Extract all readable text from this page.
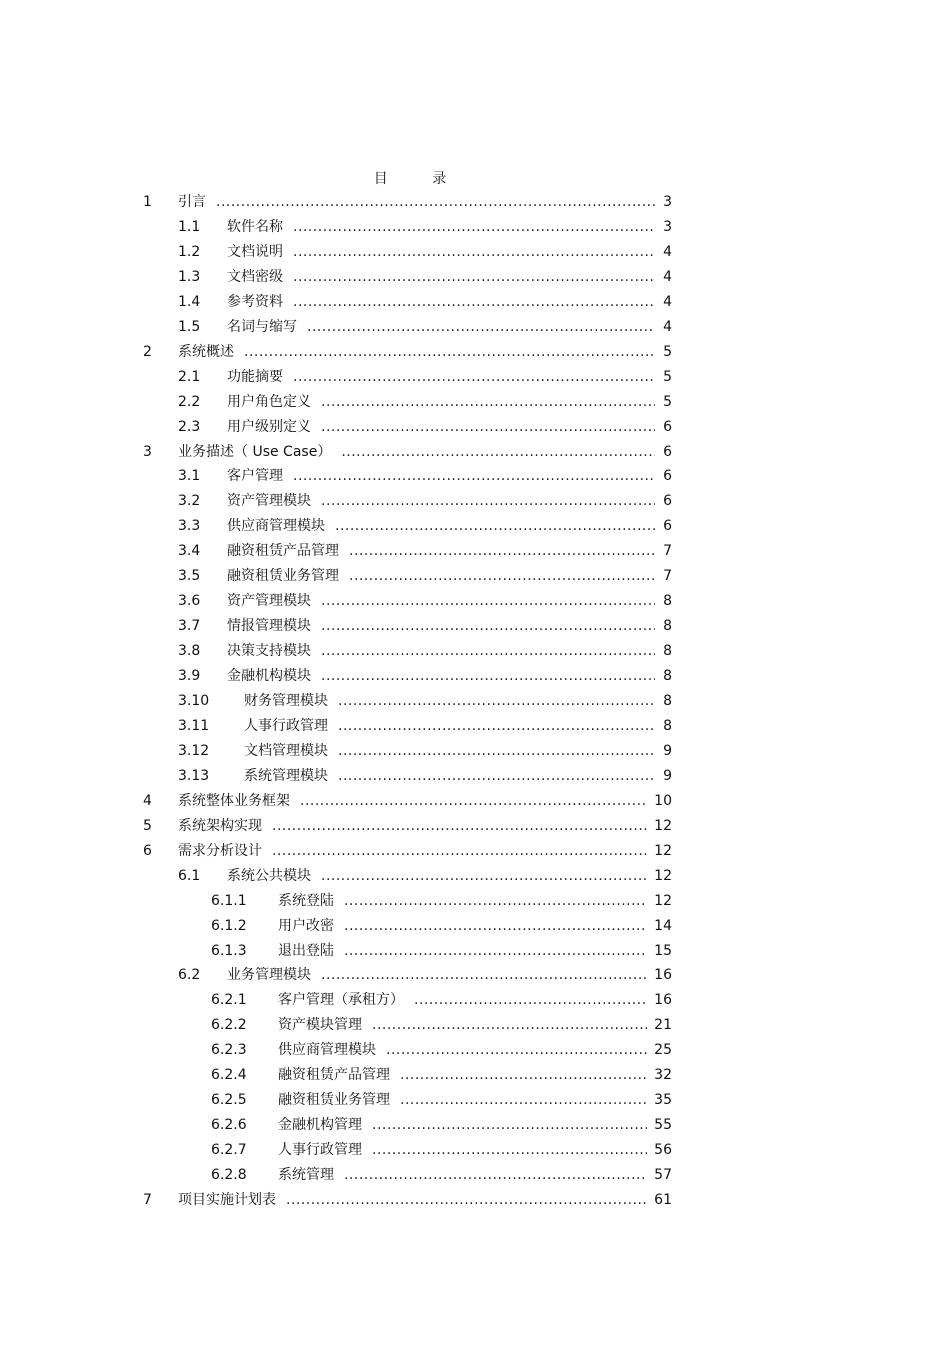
目 录
1 引言	3
.....
1.1 软件名称	3
.....
1.2 文档说明	4
.....
1.3 文档密级	4
.....
1.4 参考资料	4
.....
1.5 名词与缩写	4
.....
2 系统概述	5
.....
2.1 功能摘要	5
.....
2.2 用户角色定义	5
.....
2.3 用户级别定义	6
.....
3 业务描述（ Use Case）	6
.....
3.1 客户管理	6
.....
3.2 资产管理模块	6
.....
3.3 供应商管理模块	6
.....
3.4 融资租赁产品管理	7
.....
3.5 融资租赁业务管理	7
.....
3.6 资产管理模块	8
.....
3.7 情报管理模块	8
.....
3.8 决策支持模块	8
.....
3.9 金融机构模块	8
.....
3.10 财务管理模块	8
.....
3.11 人事行政管理	8
.....
3.12 文档管理模块	9
.....
3.13 系统管理模块	9
.....
4 系统整体业务框架	10
.....
5 系统架构实现	12
.....
6 需求分析设计	12
.....
6.1 系统公共模块	12
.....
6.1.1 系统登陆	12
.....
6.1.2 用户改密	14
.....
6.1.3 退出登陆	15
.....
6.2 业务管理模块	16
.....
6.2.1 客户管理（承租方）	16
.....
6.2.2 资产模块管理	21
.....
6.2.3 供应商管理模块	25
.....
6.2.4 融资租赁产品管理	32
.....
6.2.5 融资租赁业务管理	35
.....
6.2.6 金融机构管理	55
.....
6.2.7 人事行政管理	56
.....
6.2.8 系统管理	57
.....
7 项目实施计划表	61
.....
